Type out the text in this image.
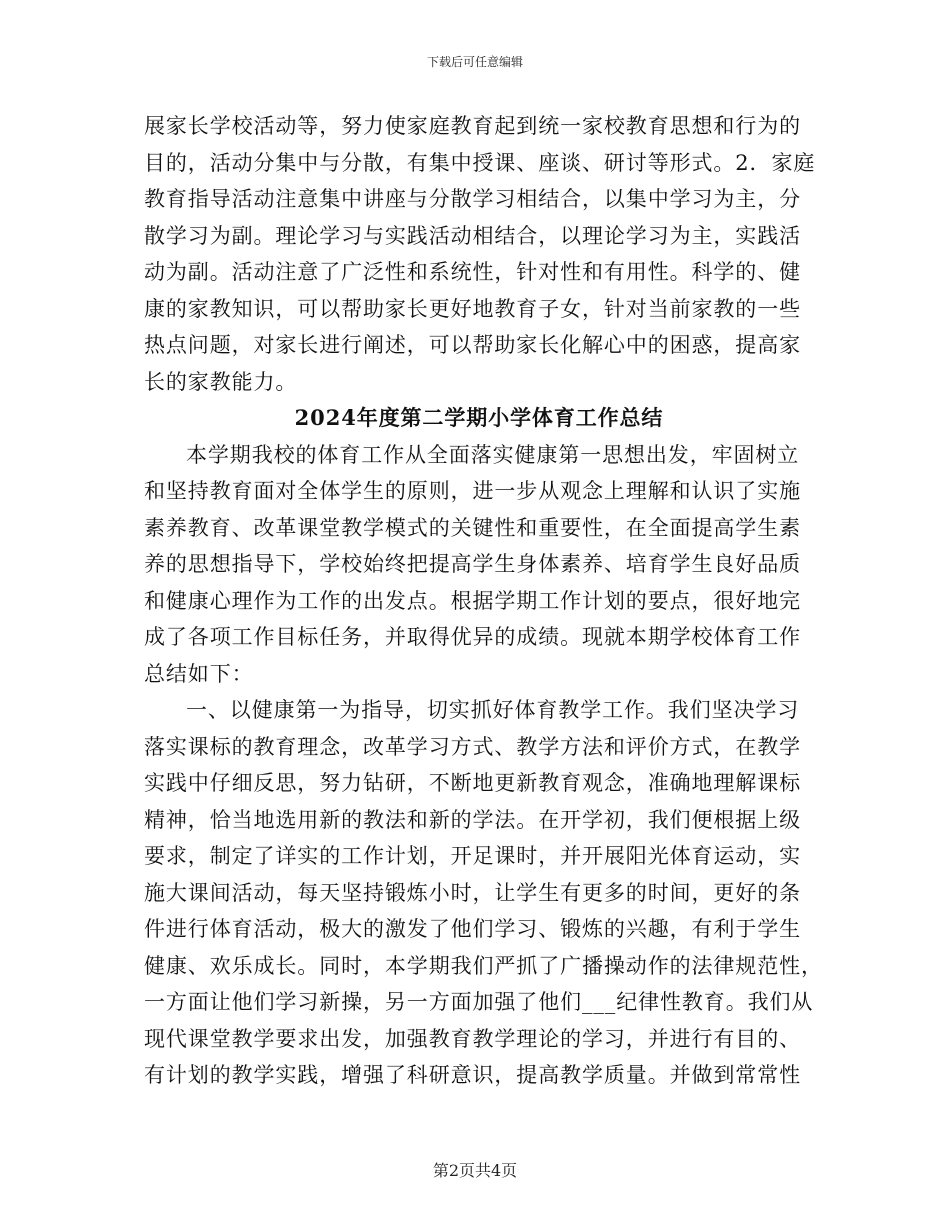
下载后可任意编辑
展家长学校活动等，努力使家庭教育起到统一家校教育思想和行为的
目的，活动分集中与分散，有集中授课、座谈、研讨等形式。2．家庭
教育指导活动注意集中讲座与分散学习相结合，以集中学习为主，分
散学习为副。理论学习与实践活动相结合，以理论学习为主，实践活
动为副。活动注意了广泛性和系统性，针对性和有用性。科学的、健
康的家教知识，可以帮助家长更好地教育子女，针对当前家教的一些
热点问题，对家长进行阐述，可以帮助家长化解心中的困惑，提高家
长的家教能力。
2024年度第二学期小学体育工作总结
本学期我校的体育工作从全面落实健康第一思想出发，牢固树立
和坚持教育面对全体学生的原则，进一步从观念上理解和认识了实施
素养教育、改革课堂教学模式的关键性和重要性，在全面提高学生素
养的思想指导下，学校始终把提高学生身体素养、培育学生良好品质
和健康心理作为工作的出发点。根据学期工作计划的要点，很好地完
成了各项工作目标任务，并取得优异的成绩。现就本期学校体育工作
总结如下：
一、以健康第一为指导，切实抓好体育教学工作。我们坚决学习
落实课标的教育理念，改革学习方式、教学方法和评价方式，在教学
实践中仔细反思，努力钻研，不断地更新教育观念，准确地理解课标
精神，恰当地选用新的教法和新的学法。在开学初，我们便根据上级
要求，制定了详实的工作计划，开足课时，并开展阳光体育运动，实
施大课间活动，每天坚持锻炼小时，让学生有更多的时间，更好的条
件进行体育活动，极大的激发了他们学习、锻炼的兴趣，有利于学生
健康、欢乐成长。同时，本学期我们严抓了广播操动作的法律规范性，
一方面让他们学习新操，另一方面加强了他们___纪律性教育。我们从
现代课堂教学要求出发，加强教育教学理论的学习，并进行有目的、
有计划的教学实践，增强了科研意识，提高教学质量。并做到常常性
第2页共4页
